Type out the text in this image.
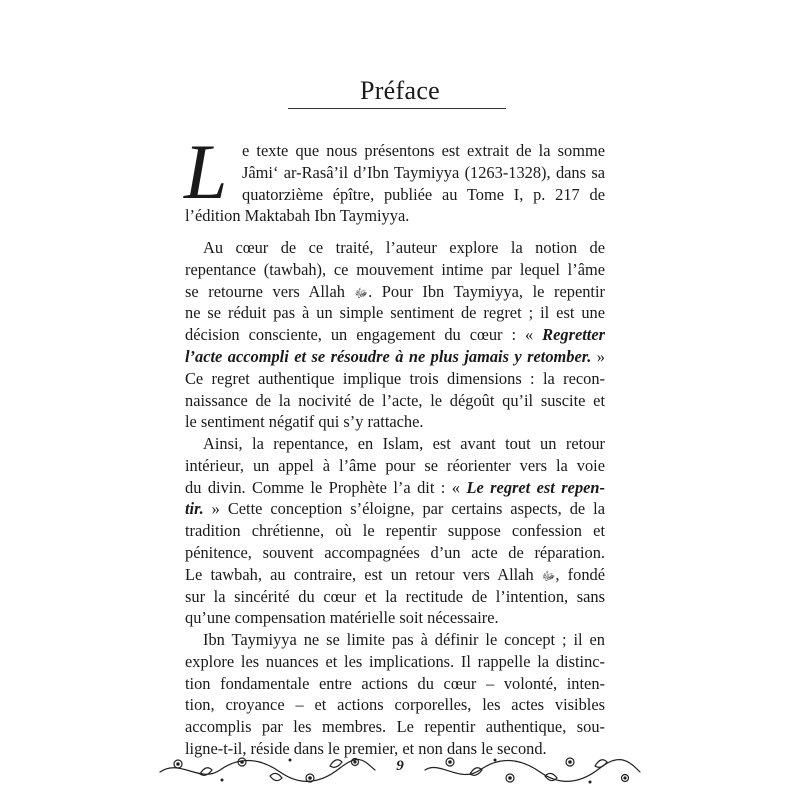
Préface
L e texte que nous présentons est extrait de la somme
Jâmi‘ ar-Rasâ’il d’Ibn Taymiyya (1263-1328), dans sa
quatorzième épître, publiée au Tome I, p. 217 de
l’édition Maktabah Ibn Taymiyya.
Au cœur de ce traité, l’auteur explore la notion de
repentance (tawbah), ce mouvement intime par lequel l’âme
se retourne vers Allah ﷻ. Pour Ibn Taymiyya, le repentir
ne se réduit pas à un simple sentiment de regret ; il est une
décision consciente, un engagement du cœur : « Regretter
l’acte accompli et se résoudre à ne plus jamais y retomber. »
Ce regret authentique implique trois dimensions : la recon-
naissance de la nocivité de l’acte, le dégoût qu’il suscite et
le sentiment négatif qui s’y rattache.
Ainsi, la repentance, en Islam, est avant tout un retour
intérieur, un appel à l’âme pour se réorienter vers la voie
du divin. Comme le Prophète l’a dit : « Le regret est repen-
tir. » Cette conception s’éloigne, par certains aspects, de la
tradition chrétienne, où le repentir suppose confession et
pénitence, souvent accompagnées d’un acte de réparation.
Le tawbah, au contraire, est un retour vers Allah ﷻ, fondé
sur la sincérité du cœur et la rectitude de l’intention, sans
qu’une compensation matérielle soit nécessaire.
Ibn Taymiyya ne se limite pas à définir le concept ; il en
explore les nuances et les implications. Il rappelle la distinc-
tion fondamentale entre actions du cœur – volonté, inten-
tion, croyance – et actions corporelles, les actes visibles
accomplis par les membres. Le repentir authentique, sou-
ligne-t-il, réside dans le premier, et non dans le second.
9
